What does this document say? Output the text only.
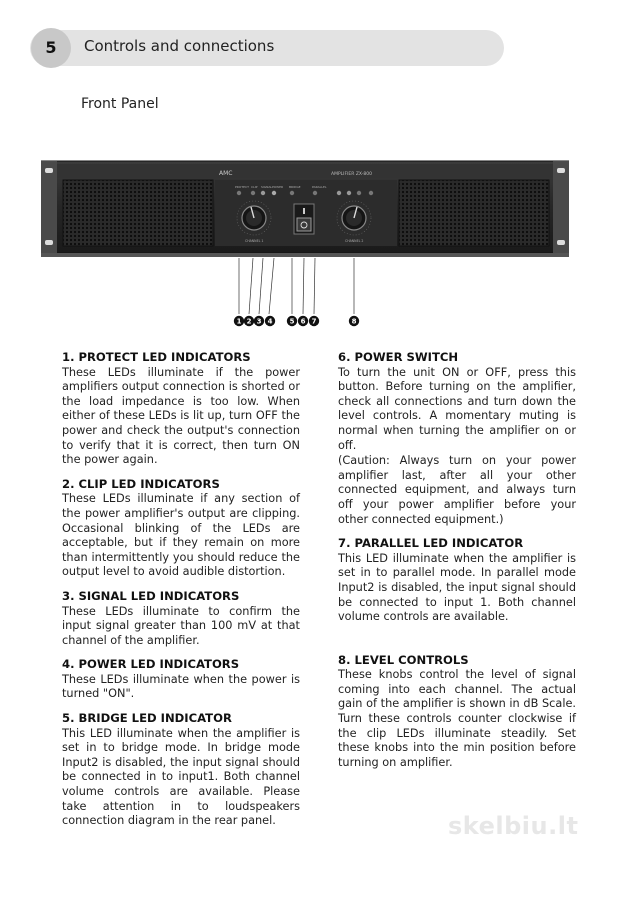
5	Controls and connections
Front Panel
AMC	AMPLIFIER ZX-800
PROTECT CLIP SIGNAL POWER BRIDGE	PARALLEL
CHANNEL 1	CHANNEL 2
1 2 3 4 5 6 7	8
1. PROTECT LED INDICATORS

These LEDs illuminate if the power amplifiers output connection is shorted or the load impedance is too low. When either of these LEDs is lit up, turn OFF the power and check the output's connection to verify that it is correct, then turn ON the power again.

2. CLIP LED INDICATORS

These LEDs illuminate if any section of the power amplifier's output are clipping. Occasional blinking of the LEDs are acceptable, but if they remain on more than intermittently you should reduce the output level to avoid audible distortion.

3. SIGNAL LED INDICATORS

These LEDs illuminate to confirm the input signal greater than 100 mV at that channel of the amplifier.

4. POWER LED INDICATORS

These LEDs illuminate when the power is turned "ON".

5. BRIDGE LED INDICATOR

This LED illuminate when the amplifier is set in to bridge mode. In bridge mode Input2 is disabled, the input signal should be connected in to input1. Both channel volume controls are available. Please take attention in to loudspeakers connection diagram in the rear panel.

6. POWER SWITCH

To turn the unit ON or OFF, press this button. Before turning on the amplifier, check all connections and turn down the level controls. A momentary muting is normal when turning the amplifier on or off.

(Caution: Always turn on your power amplifier last, after all your other connected equipment, and always turn off your power amplifier before your other connected equipment.)

7. PARALLEL LED INDICATOR

This LED illuminate when the amplifier is set in to parallel mode. In parallel mode Input2 is disabled, the input signal should be connected to input 1. Both channel volume controls are available.

8. LEVEL CONTROLS

These knobs control the level of signal coming into each channel. The actual gain of the amplifier is shown in dB Scale. Turn these controls counter clockwise if the clip LEDs illuminate steadily. Set these knobs into the min position before turning on amplifier.

skelbiu.lt
